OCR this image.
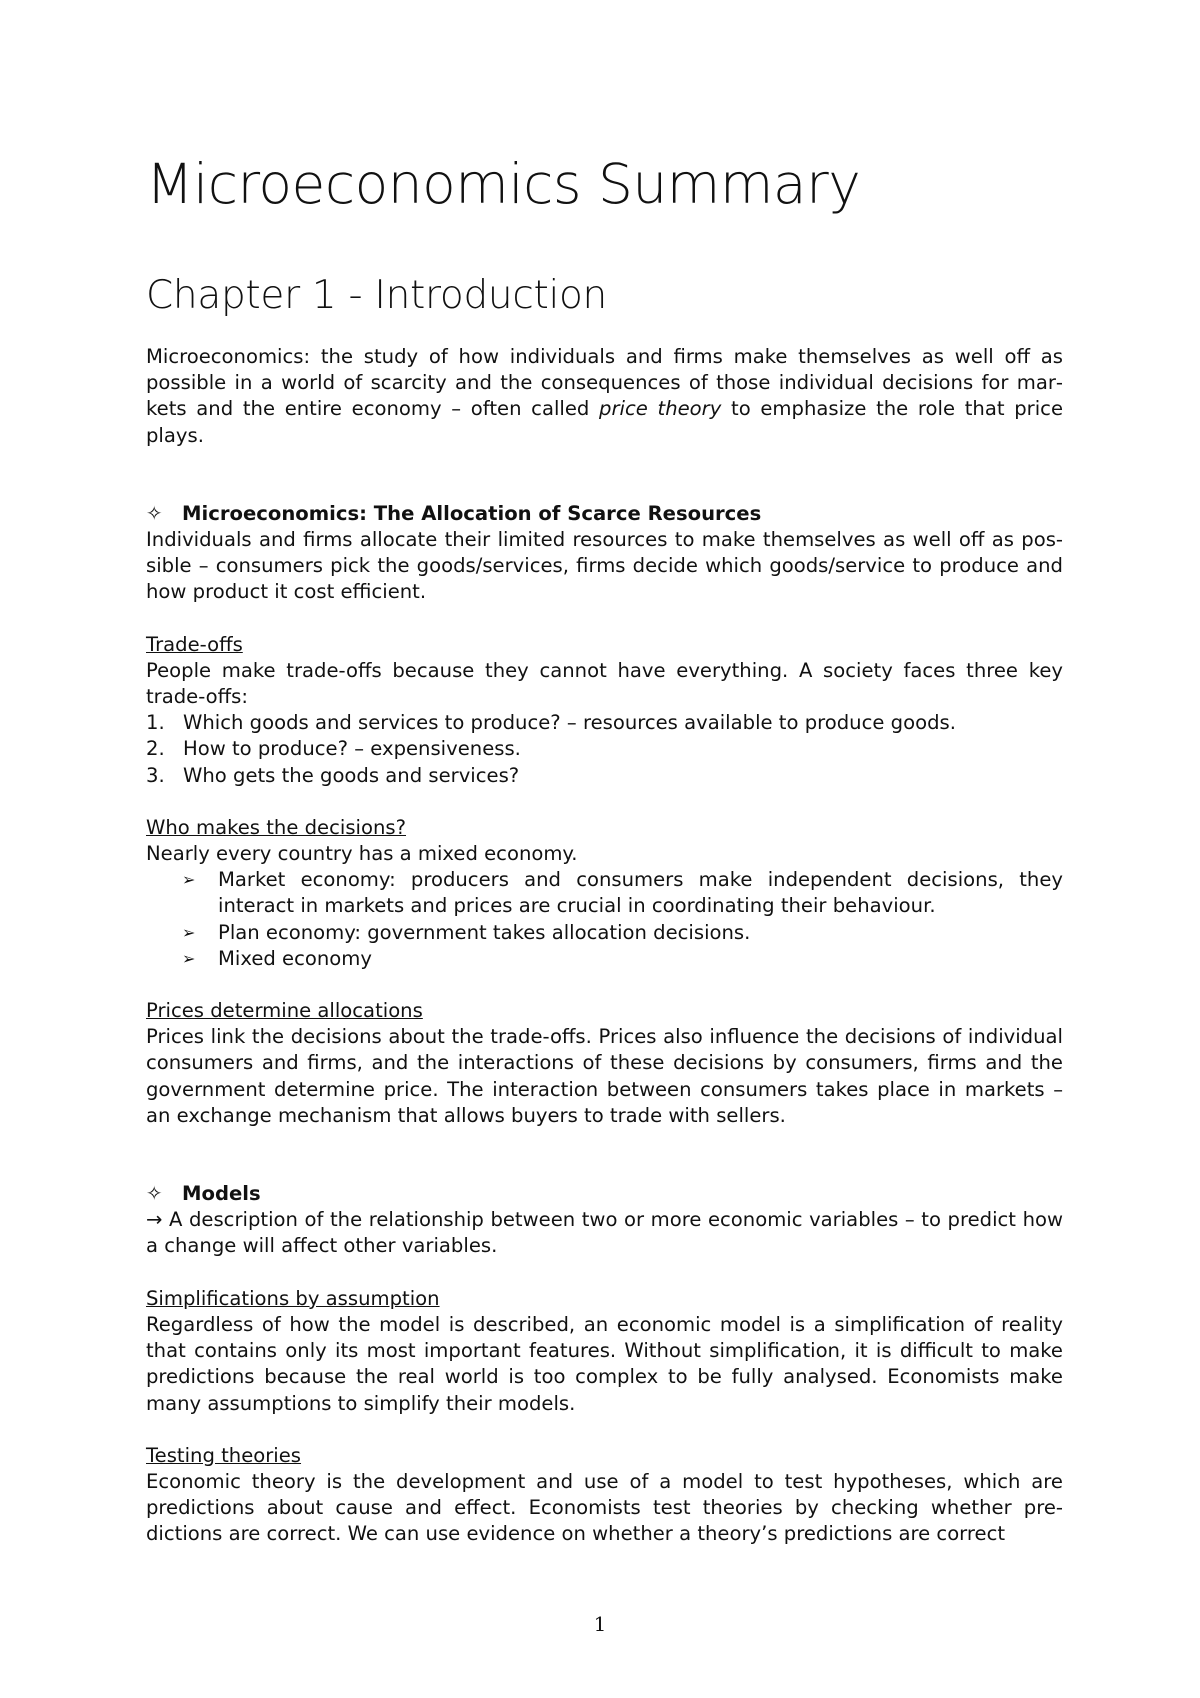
Microeconomics Summary
Chapter 1 - Introduction

Microeconomics: the study of how individuals and firms make themselves as well off as possible in a world of scarcity and the consequences of those individual decisions for markets and the entire economy – often called price theory to emphasize the role that price plays.

✧ Microeconomics: The Allocation of Scarce Resources

Individuals and firms allocate their limited resources to make themselves as well off as possible – consumers pick the goods/services, firms decide which goods/service to produce and how product it cost efficient.

Trade-offs

People make trade-offs because they cannot have everything. A society faces three key trade-offs:

1. Which goods and services to produce? – resources available to produce goods.
2. How to produce? – expensiveness.
3. Who gets the goods and services?

Who makes the decisions?

Nearly every country has a mixed economy.

➢	Market economy: producers and consumers make independent decisions, they interact in markets and prices are crucial in coordinating their behaviour.
➢	Plan economy: government takes allocation decisions.
➢	Mixed economy

Prices determine allocations

Prices link the decisions about the trade-offs. Prices also influence the decisions of individual consumers and firms, and the interactions of these decisions by consumers, firms and the government determine price. The interaction between consumers takes place in markets – an exchange mechanism that allows buyers to trade with sellers.

✧ Models

→ A description of the relationship between two or more economic variables – to predict how a change will affect other variables.

Simplifications by assumption

Regardless of how the model is described, an economic model is a simplification of reality that contains only its most important features. Without simplification, it is difficult to make predictions because the real world is too complex to be fully analysed. Economists make many assumptions to simplify their models.

Testing theories

Economic theory is the development and use of a model to test hypotheses, which are predictions about cause and effect. Economists test theories by checking whether predictions are correct. We can use evidence on whether a theory’s predictions are correct

1
